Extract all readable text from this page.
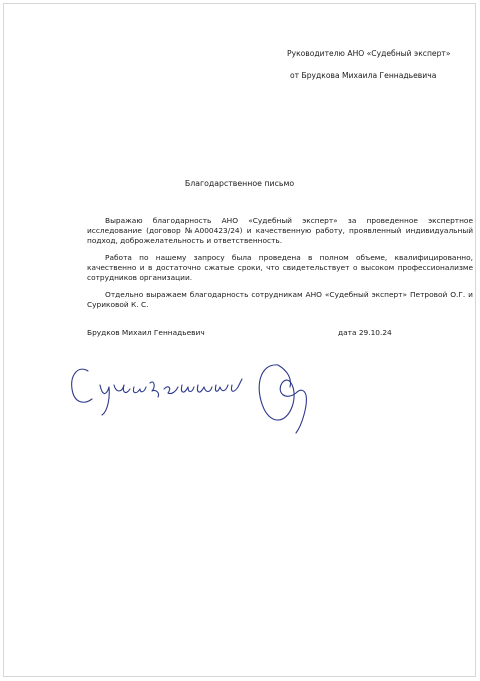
Руководителю АНО «Судебный эксперт»
от Брудкова Михаила Геннадьевича
Благодарственное письмо

Выражаю благодарность АНО «Судебный эксперт» за проведенное экспертное исследование (договор №А000423/24) и качественную работу, проявленный индивидуальный подход, доброжелательность и ответственность.

Работа по нашему запросу была проведена в полном объеме, квалифицированно, качественно и в достаточно сжатые сроки, что свидетельствует о высоком профессионализме сотрудников организации.

Отдельно выражаем благодарность сотрудникам АНО «Судебный эксперт» Петровой О.Г. и Суриковой К. С.

Брудков Михаил Геннадьевич	дата 29.10.24
